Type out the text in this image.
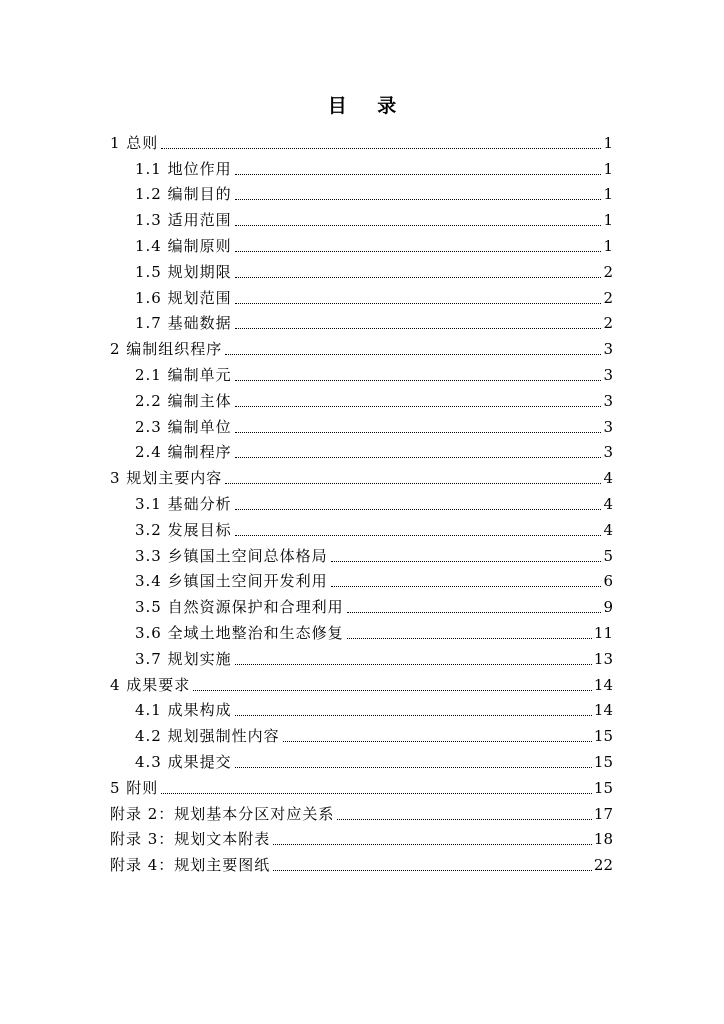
目 录
1 总则	1
1.1 地位作用	1
1.2 编制目的	1
1.3 适用范围	1
1.4 编制原则	1
1.5 规划期限	2
1.6 规划范围	2
1.7 基础数据	2
2 编制组织程序	3
2.1 编制单元	3
2.2 编制主体	3
2.3 编制单位	3
2.4 编制程序	3
3 规划主要内容	4
3.1 基础分析	4
3.2 发展目标	4
3.3 乡镇国土空间总体格局	5
3.4 乡镇国土空间开发利用	6
3.5 自然资源保护和合理利用	9
3.6 全域土地整治和生态修复	11
3.7 规划实施	13
4 成果要求	14
4.1 成果构成	14
4.2 规划强制性内容	15
4.3 成果提交	15
5 附则	15
附录 2：规划基本分区对应关系	17
附录 3：规划文本附表	18
附录 4：规划主要图纸	22
